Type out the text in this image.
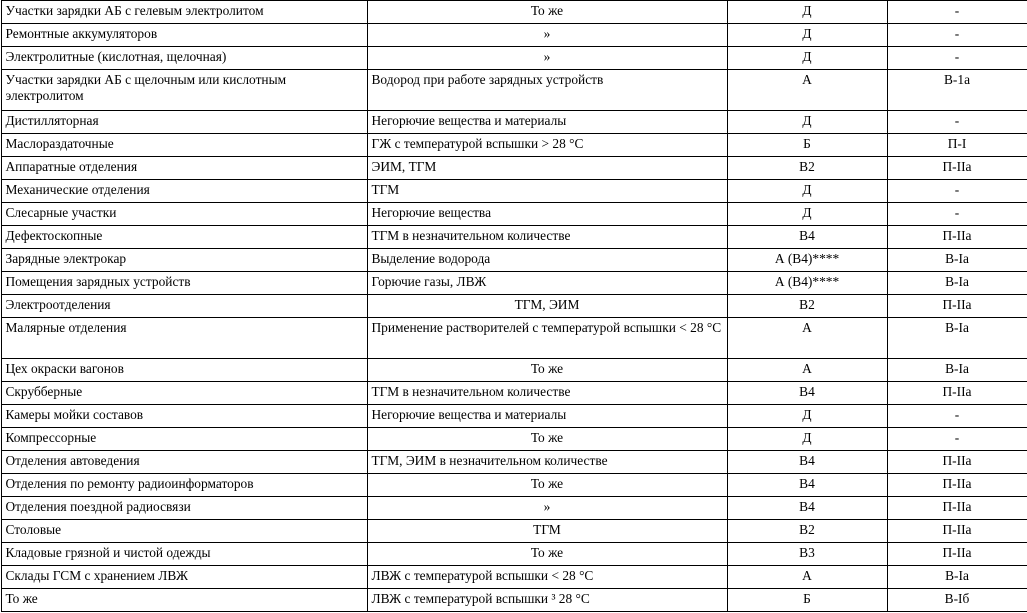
Участки зарядки АБ с гелевым электролитом	То же	Д	-
Ремонтные аккумуляторов	»	Д	-
Электролитные (кислотная, щелочная)	»	Д	-
Участки зарядки АБ с щелочным или кислотным электролитом	Водород при работе зарядных устройств	А	В-1а
Дистилляторная	Негорючие вещества и материалы	Д	-
Маслораздаточные	ГЖ с температурой вспышки > 28 °С	Б	П-I
Аппаратные отделения	ЭИМ, ТГМ	В2	П-IIа
Механические отделения	ТГМ	Д	-
Слесарные участки	Негорючие вещества	Д	-
Дефектоскопные	ТГМ в незначительном количестве	В4	П-IIа
Зарядные электрокар	Выделение водорода	А (В4)****	В-Iа
Помещения зарядных устройств	Горючие газы, ЛВЖ	А (В4)****	В-Iа
Электроотделения	ТГМ, ЭИМ	В2	П-IIа
Малярные отделения	Применение растворителей с температурой вспышки < 28 °С	А	В-Iа
Цех окраски вагонов	То же	А	В-Iа
Скрубберные	ТГМ в незначительном количестве	В4	П-IIа
Камеры мойки составов	Негорючие вещества и материалы	Д	-
Компрессорные	То же	Д	-
Отделения автоведения	ТГМ, ЭИМ в незначительном количестве	В4	П-IIа
Отделения по ремонту радиоинформаторов	То же	В4	П-IIа
Отделения поездной радиосвязи	»	В4	П-IIа
Столовые	ТГМ	В2	П-IIа
Кладовые грязной и чистой одежды	То же	В3	П-IIа
Склады ГСМ с хранением ЛВЖ	ЛВЖ с температурой вспышки < 28 °С	А	В-Iа
То же	ЛВЖ с температурой вспышки ³ 28 °С	Б	В-Iб
